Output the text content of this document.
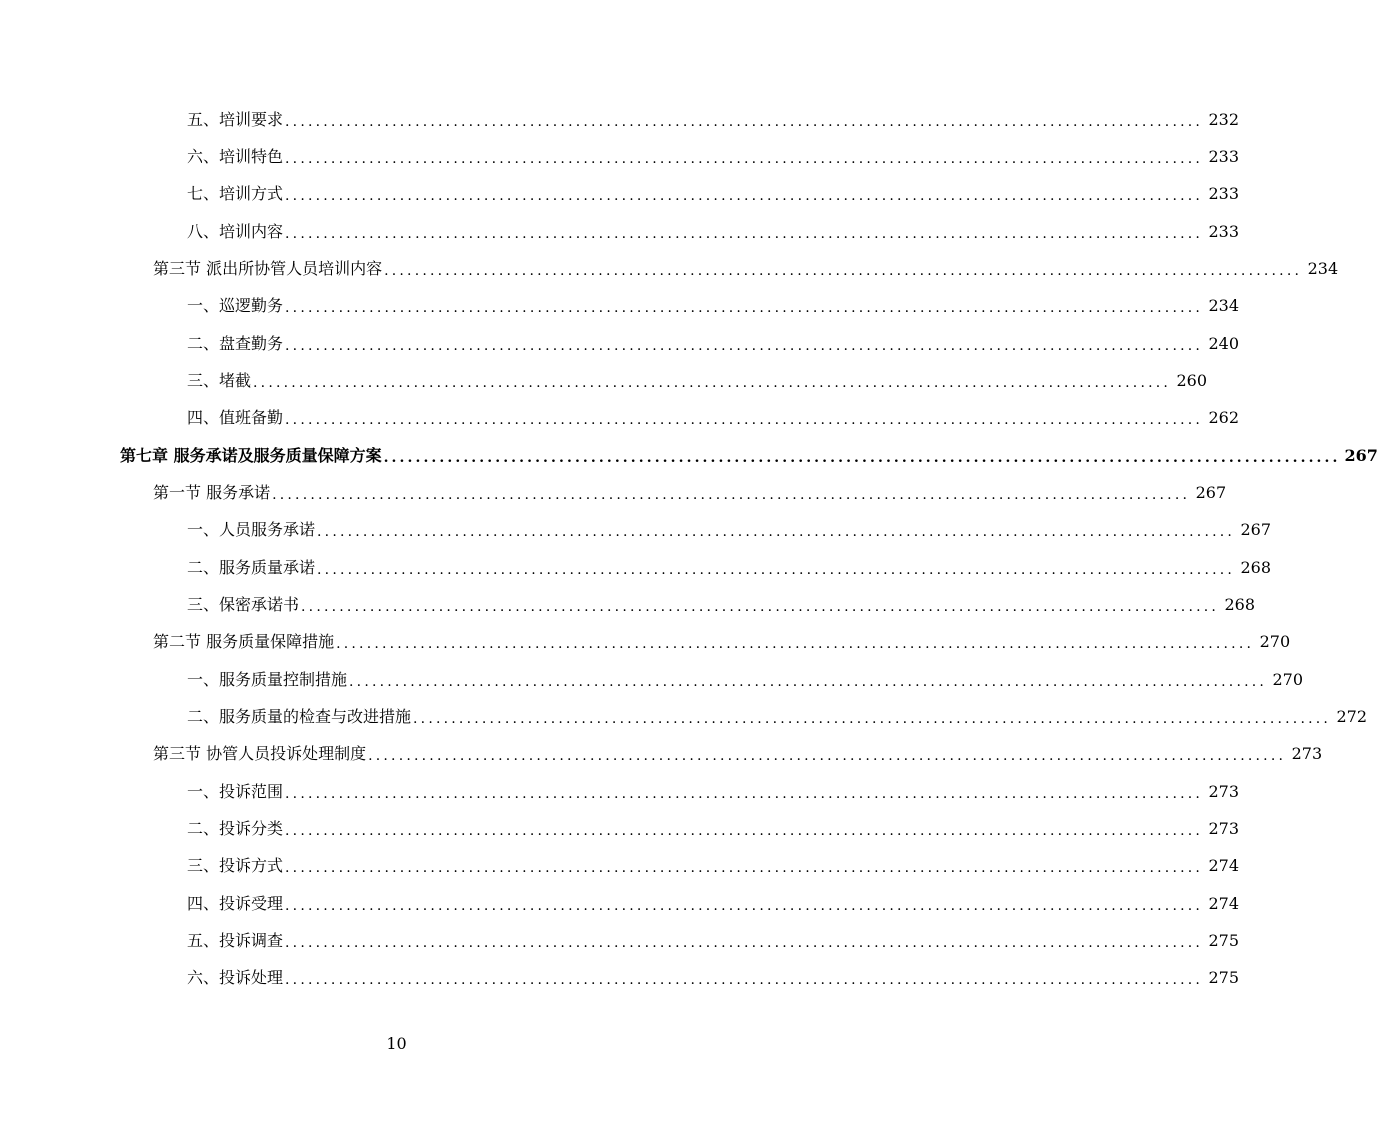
五、培训要求 ........................................................................................................................ 232
六、培训特色 ........................................................................................................................ 233
七、培训方式 ........................................................................................................................ 233
八、培训内容 ........................................................................................................................ 233
第三节 派出所协管人员培训内容 ........................................................................................................................ 234
一、巡逻勤务 ........................................................................................................................ 234
二、盘查勤务 ........................................................................................................................ 240
三、堵截 ........................................................................................................................ 260
四、值班备勤 ........................................................................................................................ 262
第七章 服务承诺及服务质量保障方案 ........................................................................................................................ 267
第一节 服务承诺 ........................................................................................................................ 267
一、人员服务承诺 ........................................................................................................................ 267
二、服务质量承诺 ........................................................................................................................ 268
三、保密承诺书 ........................................................................................................................ 268
第二节 服务质量保障措施 ........................................................................................................................ 270
一、服务质量控制措施 ........................................................................................................................ 270
二、服务质量的检查与改进措施 ........................................................................................................................ 272
第三节 协管人员投诉处理制度 ........................................................................................................................ 273
一、投诉范围 ........................................................................................................................ 273
二、投诉分类 ........................................................................................................................ 273
三、投诉方式 ........................................................................................................................ 274
四、投诉受理 ........................................................................................................................ 274
五、投诉调查 ........................................................................................................................ 275
六、投诉处理 ........................................................................................................................ 275
10
